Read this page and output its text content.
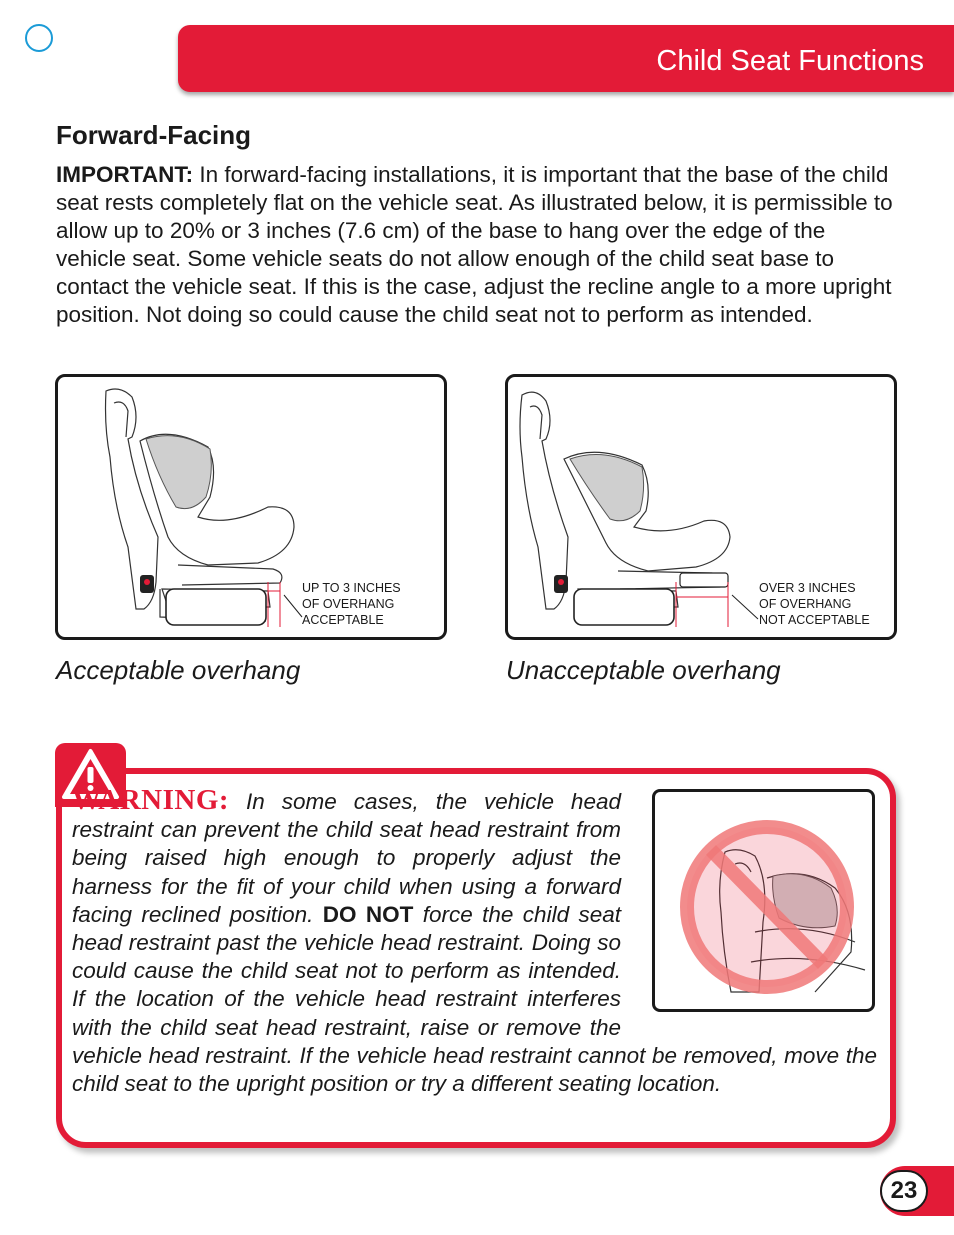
Child Seat Functions
Forward-Facing

IMPORTANT: In forward-facing installations, it is important that the base of the child seat rests completely flat on the vehicle seat. As illustrated below, it is permissible to allow up to 20% or 3 inches (7.6 cm) of the base to hang over the edge of the vehicle seat. Some vehicle seats do not allow enough of the child seat base to contact the vehicle seat. If this is the case, adjust the recline angle to a more upright position. Not doing so could cause the child seat not to perform as intended.

UP TO 3 INCHES
OF OVERHANG
ACCEPTABLE
Acceptable overhang
OVER 3 INCHES
OF OVERHANG
NOT ACCEPTABLE
Unacceptable overhang

WARNING: In some cases, the vehicle head restraint can prevent the child seat head restraint from being raised high enough to properly adjust the harness for the fit of your child when using a forward facing reclined position. DO NOT force the child seat head restraint past the vehicle head restraint. Doing so could cause the child seat not to perform as intended. If the location of the vehicle head restraint interferes with the child seat head restraint, raise or remove the vehicle head restraint. If the vehicle head restraint cannot be removed, move the child seat to the upright position or try a different seating location.

23
